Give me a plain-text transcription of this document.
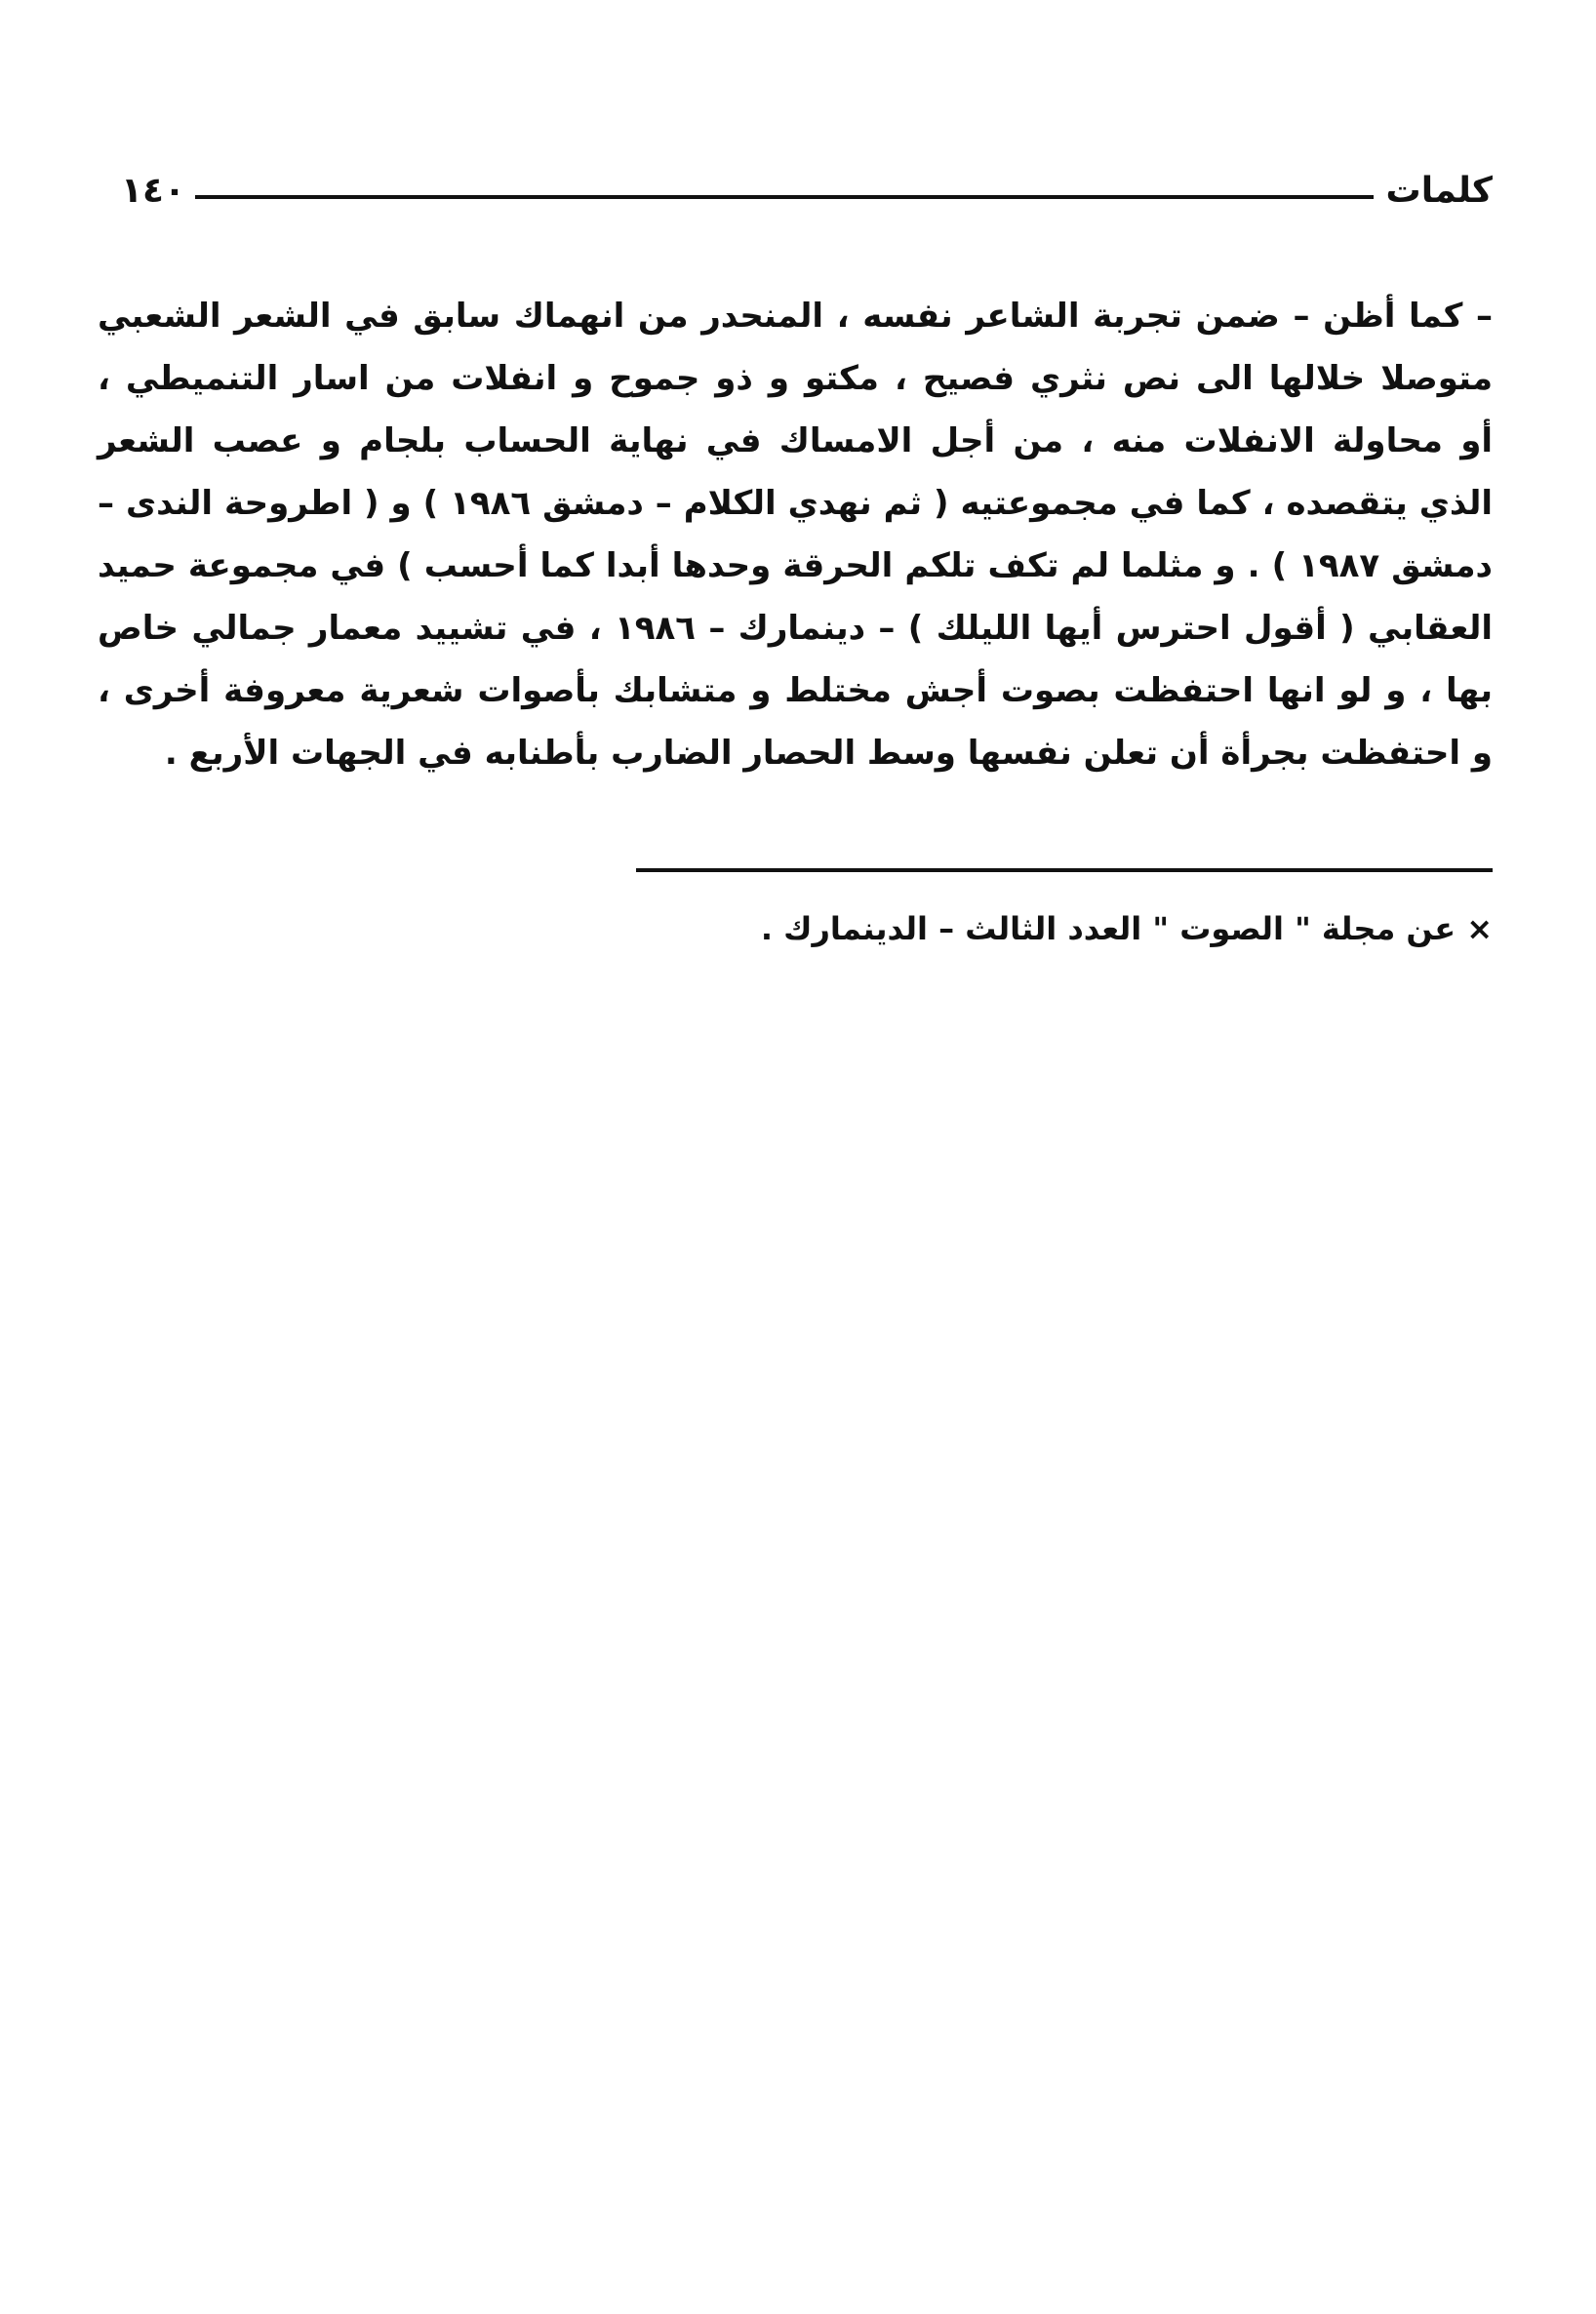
١٤٠	كلمات
– كما أظن – ضمن تجربة الشاعر نفسه ، المنحدر من انهماك سابق في الشعر الشعبي
متوصلا خلالها الى نص نثري فصيح ، مكتو و ذو جموح و انفلات من اسار التنميطي ،
أو محاولة الانفلات منه ، من أجل الامساك في نهاية الحساب بلجام و عصب الشعر
الذي يتقصده ، كما في مجموعتيه ( ثم نهدي الكلام – دمشق ١٩٨٦ ) و ( اطروحة الندى –
دمشق ١٩٨٧ ) . و مثلما لم تكف تلكم الحرقة وحدها أبدا كما أحسب ) في مجموعة حميد
العقابي ( أقول احترس أيها الليلك ) – دينمارك – ١٩٨٦ ، في تشييد معمار جمالي خاص
بها ، و لو انها احتفظت بصوت أجش مختلط و متشابك بأصوات شعرية معروفة أخرى ،
و احتفظت بجرأة أن تعلن نفسها وسط الحصار الضارب بأطنابه في الجهات الأربع .
× عن مجلة " الصوت " العدد الثالث – الدينمارك .
